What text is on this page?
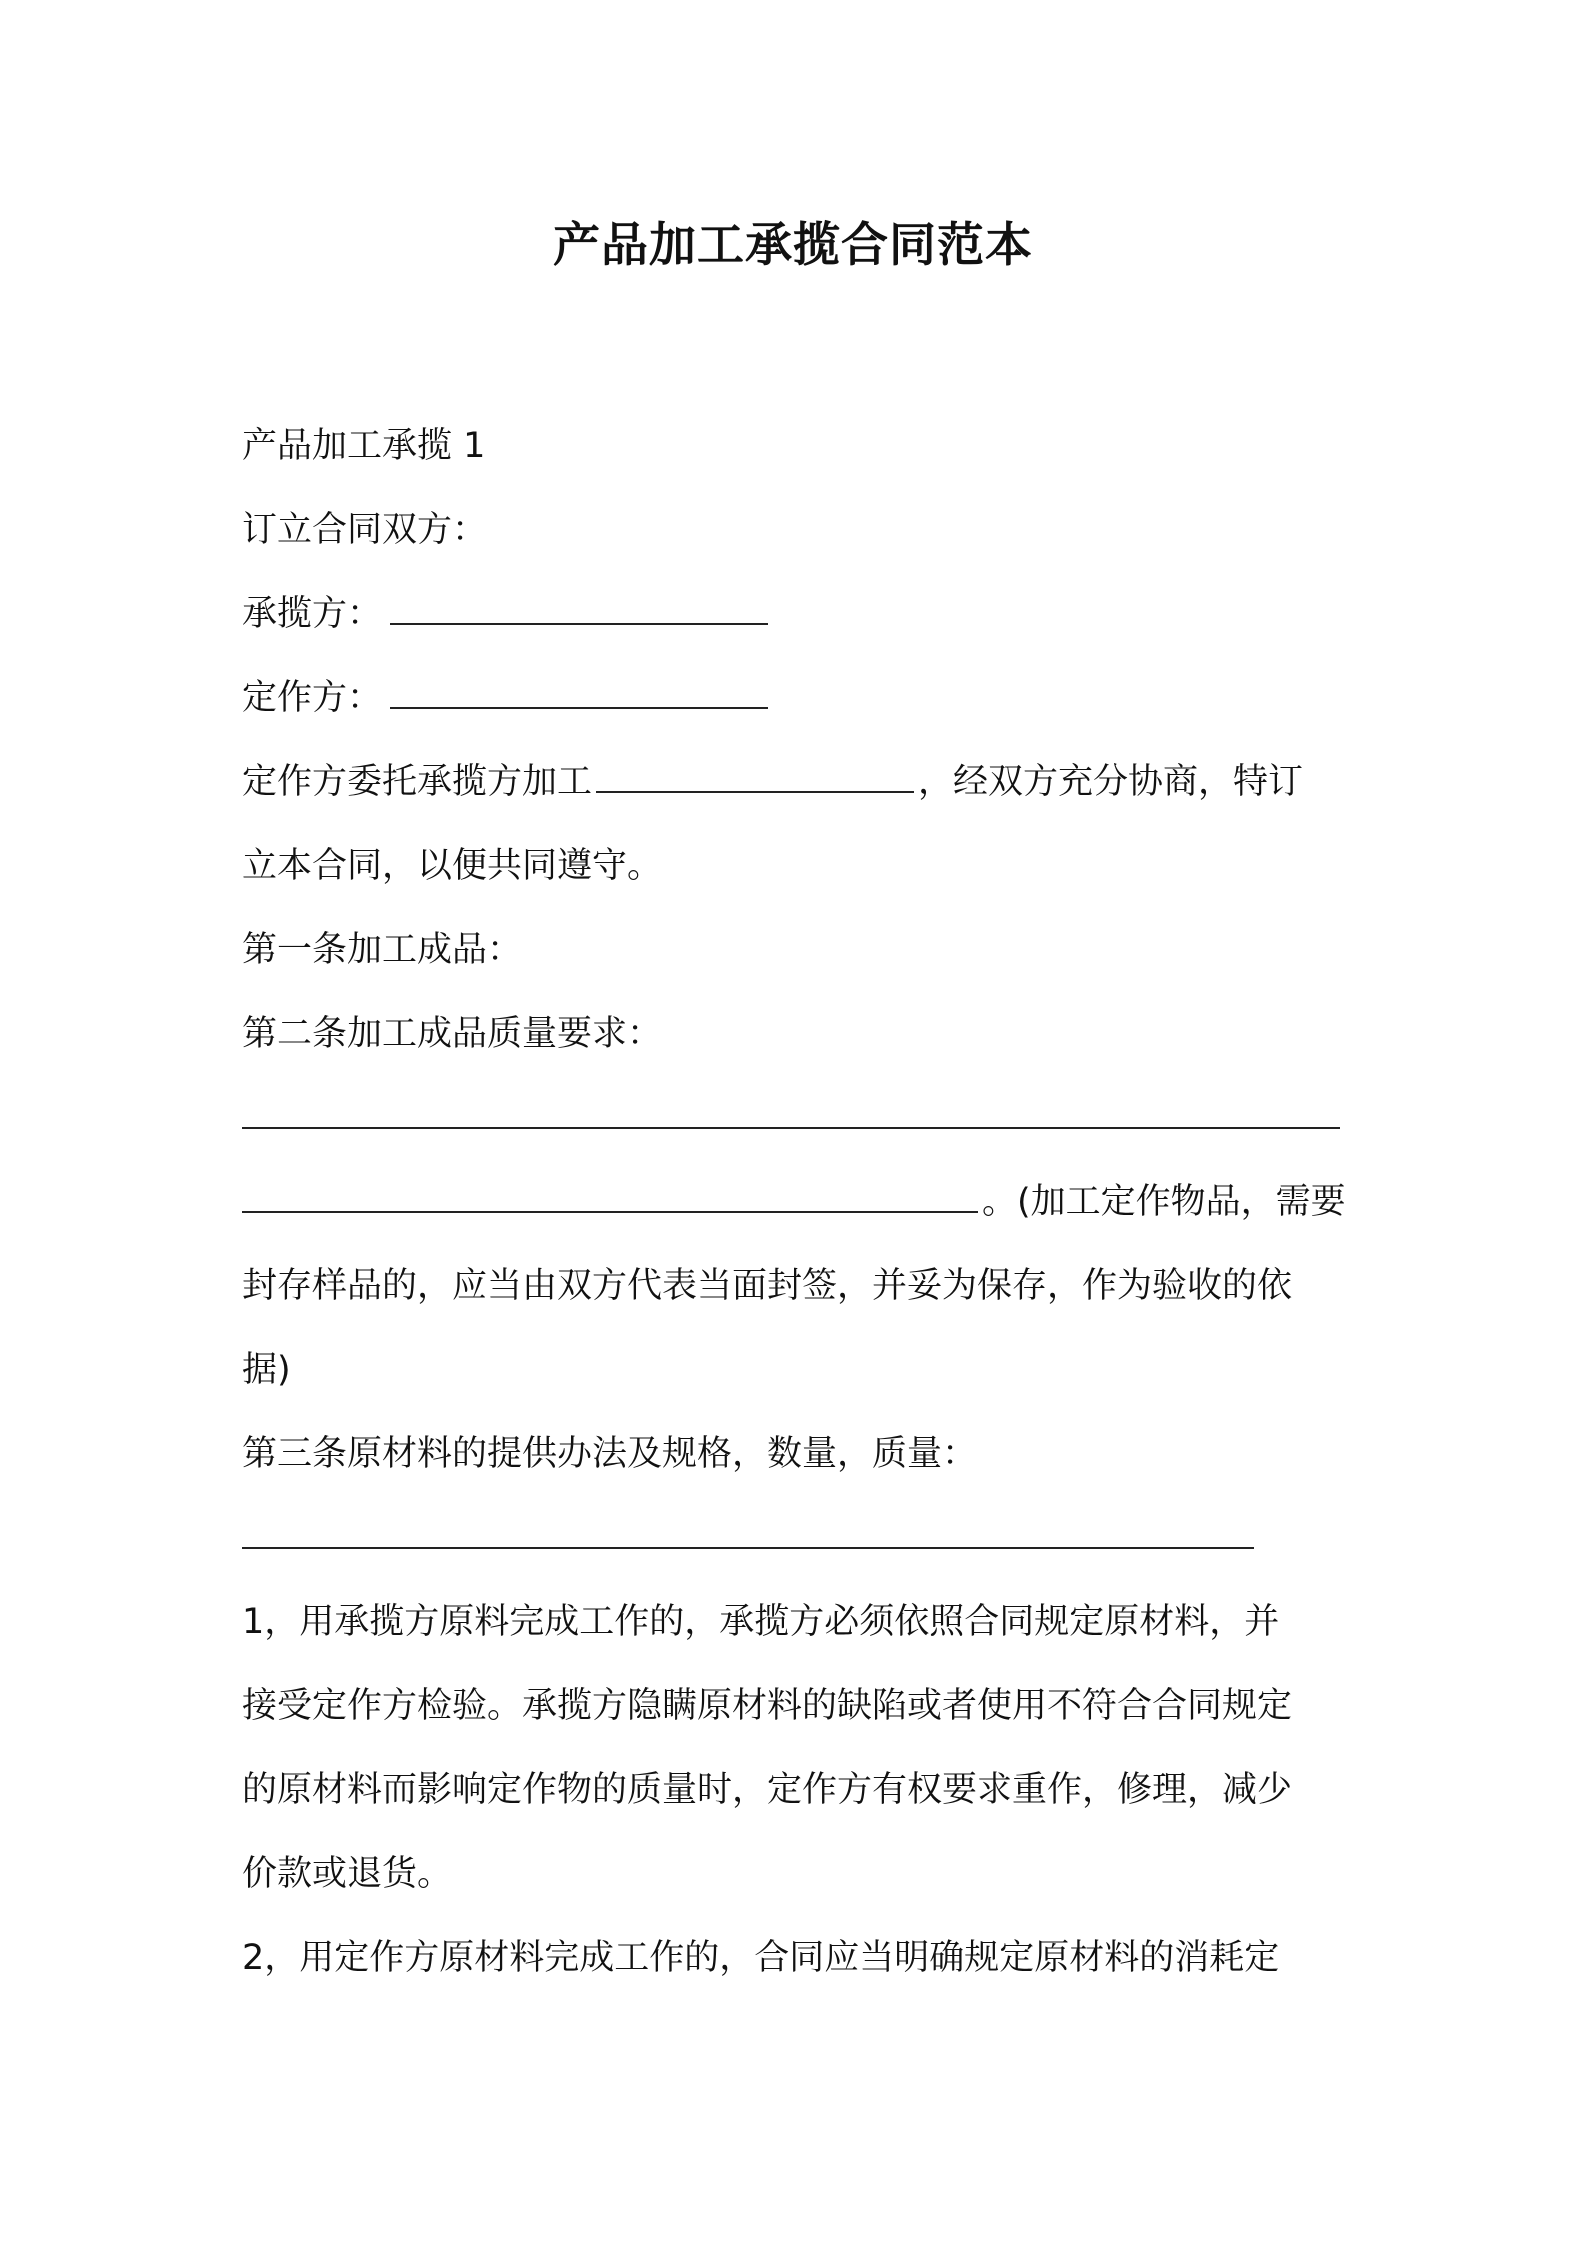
产品加工承揽合同范本
产品加工承揽 1
订立合同双方：
承揽方：
定作方：
定作方委托承揽方加工	，经双方充分协商，特订
立本合同，以便共同遵守。
第一条加工成品：
第二条加工成品质量要求：
。(加工定作物品，需要
封存样品的，应当由双方代表当面封签，并妥为保存，作为验收的依
据)
第三条原材料的提供办法及规格，数量，质量：
1，用承揽方原料完成工作的，承揽方必须依照合同规定原材料，并
接受定作方检验。承揽方隐瞒原材料的缺陷或者使用不符合合同规定
的原材料而影响定作物的质量时，定作方有权要求重作，修理，减少
价款或退货。
2，用定作方原材料完成工作的，合同应当明确规定原材料的消耗定
